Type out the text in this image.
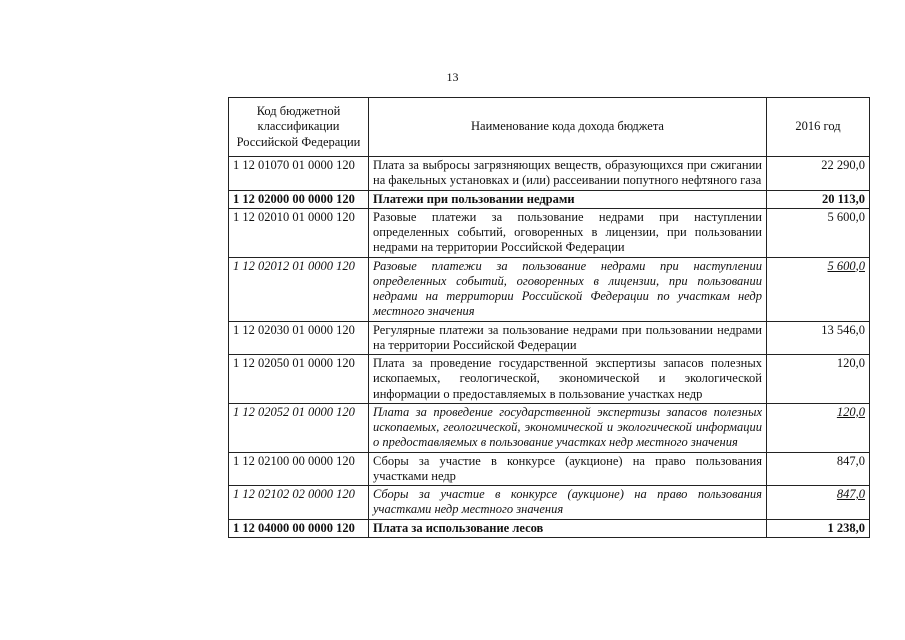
13
Код бюджетной классификации Российской Федерации	Наименование кода дохода бюджета	2016 год
1 12 01070 01 0000 120	Плата за выбросы загрязняющих веществ, образующихся при сжигании на факельных установках и (или) рассеивании попутного нефтяного газа	22 290,0
1 12 02000 00 0000 120	Платежи при пользовании недрами	20 113,0
1 12 02010 01 0000 120	Разовые платежи за пользование недрами при наступлении определенных событий, оговоренных в лицензии, при пользовании недрами на территории Российской Федерации	5 600,0
1 12 02012 01 0000 120	Разовые платежи за пользование недрами при наступлении определенных событий, оговоренных в лицензии, при пользовании недрами на территории Российской Федерации по участкам недр местного значения	5 600,0
1 12 02030 01 0000 120	Регулярные платежи за пользование недрами при пользовании недрами на территории Российской Федерации	13 546,0
1 12 02050 01 0000 120	Плата за проведение государственной экспертизы запасов полезных ископаемых, геологической, экономической и экологической информации о предоставляемых в пользование участках недр	120,0
1 12 02052 01 0000 120	Плата за проведение государственной экспертизы запасов полезных ископаемых, геологической, экономической и экологической информации о предоставляемых в пользование участках недр местного значения	120,0
1 12 02100 00 0000 120	Сборы за участие в конкурсе (аукционе) на право пользования участками недр	847,0
1 12 02102 02 0000 120	Сборы за участие в конкурсе (аукционе) на право пользования участками недр местного значения	847,0
1 12 04000 00 0000 120	Плата за использование лесов	1 238,0
